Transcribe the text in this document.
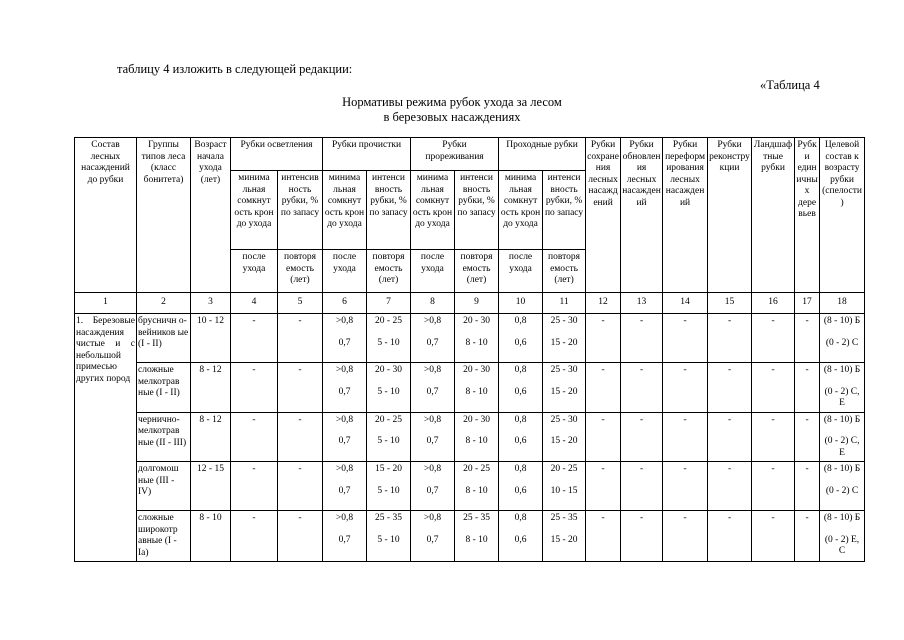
таблицу 4 изложить в следующей редакции:
«Таблица 4
Нормативы режима рубок ухода за лесом
в березовых насаждениях
Состав лесных насаждений до рубки	Группы типов леса (класс бонитета)	Возраст начала ухода (лет)	Рубки осветления		Рубки прочистки		Рубки прореживания		Проходные рубки		Рубки сохранения лесных насаждений	Рубки обновления лесных насаждений	Рубки переформирования лесных насаждений	Рубки реконструкции	Ландшафтные рубки	Рубки единичных деревьев	Целевой состав к возрасту рубки (спелости)
			минима льная сомкнут ость крон до ухода	интенсив ность рубки, % по запасу	минима льная сомкнут ость крон до ухода	интенси вность рубки, % по запасу	минима льная сомкнут ость крон до ухода	интенси вность рубки, % по запасу	минима льная сомкнут ость крон до ухода	интенси вность рубки, % по запасу							
			после ухода	повторя емость (лет)	после ухода	повторя емость (лет)	после ухода	повторя емость (лет)	после ухода	повторя емость (лет)							
1	2	3	4	5	6	7	8	9	10	11	12	13	14	15	16	17	18
1. Березовые насаждения чистые и с небольшой примесью других пород	брусничн о-вейников ые (I - II)	10 - 12	-	-	>0,8
0,7	20 - 25
5 - 10	>0,8
0,7	20 - 30
8 - 10	0,8
0,6	25 - 30
15 - 20	-	-	-	-	-	-	(8 - 10) Б
(0 - 2) С

	сложные мелкотрав ные (I - II)	8 - 12	-	-	>0,8
0,7	20 - 30
5 - 10	>0,8
0,7	20 - 30
8 - 10	0,8
0,6	25 - 30
15 - 20	-	-	-	-	-	-	(8 - 10) Б
(0 - 2) С, Е

	чернично-мелкотрав ные (II - III)	8 - 12	-	-	>0,8
0,7	20 - 25
5 - 10	>0,8
0,7	20 - 30
8 - 10	0,8
0,6	25 - 30
15 - 20	-	-	-	-	-	-	(8 - 10) Б
(0 - 2) С, Е

	долгомош ные (III - IV)	12 - 15	-	-	>0,8
0,7	15 - 20
5 - 10	>0,8
0,7	20 - 25
8 - 10	0,8
0,6	20 - 25
10 - 15	-	-	-	-	-	-	(8 - 10) Б
(0 - 2) С

	сложные широкотр авные (I - Ia)	8 - 10	-	-	>0,8
0,7	25 - 35
5 - 10	>0,8
0,7	25 - 35
8 - 10	0,8
0,6	25 - 35
15 - 20	-	-	-	-	-	-	(8 - 10) Б
(0 - 2) Е, С
